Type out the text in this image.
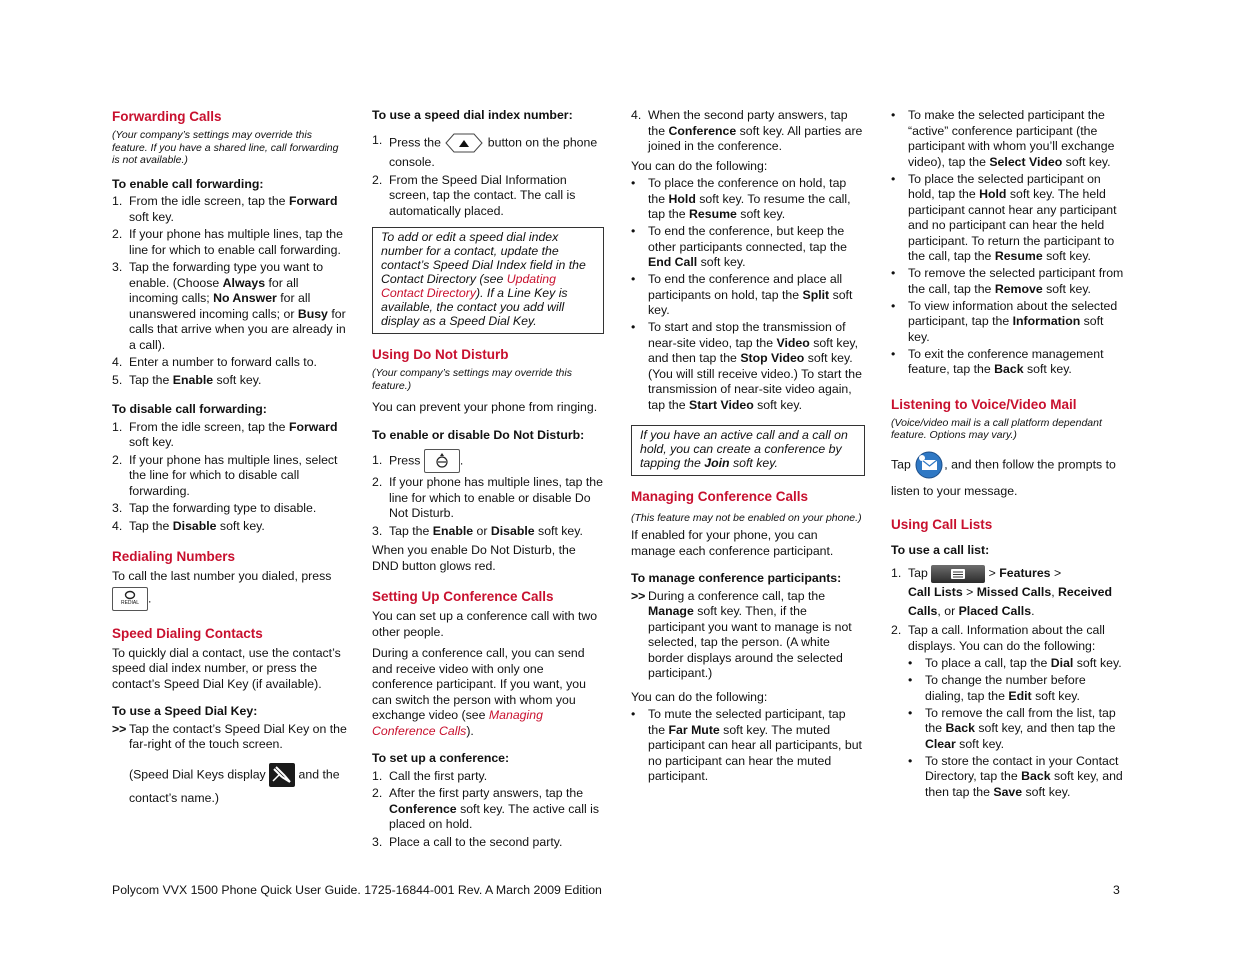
Forwarding Calls
(Your company’s settings may override this feature. If you have a shared line, call forwarding is not available.)
To enable call forwarding:
1. From the idle screen, tap the Forward soft key.
2. If your phone has multiple lines, tap the line for which to enable call forwarding.
3. Tap the forwarding type you want to enable. (Choose Always for all incoming calls; No Answer for all unanswered incoming calls; or Busy for calls that arrive when you are already in a call).
4. Enter a number to forward calls to.
5. Tap the Enable soft key.
To disable call forwarding:
1. From the idle screen, tap the Forward soft key.
2. If your phone has multiple lines, select the line for which to disable call forwarding.
3. Tap the forwarding type to disable.
4. Tap the Disable soft key.
Redialing Numbers

To call the last number you dialed, press

REDIAL .

Speed Dialing Contacts

To quickly dial a contact, use the contact’s speed dial index number, or press the contact’s Speed Dial Key (if available).

To use a Speed Dial Key:
>> Tap the contact’s Speed Dial Key on the far-right of the touch screen.

(Speed Dial Keys display	and the contact’s name.)

To use a speed dial index number:
1. Press the	button on the phone console.
2. From the Speed Dial Information screen, tap the contact. The call is automatically placed.
To add or edit a speed dial index number for a contact, update the contact’s Speed Dial Index field in the Contact Directory (see Updating Contact Directory). If a Line Key is available, the contact you add will display as a Speed Dial Key.
Using Do Not Disturb
(Your company’s settings may override this feature.)

You can prevent your phone from ringing.

To enable or disable Do Not Disturb:
1. Press	.
2. If your phone has multiple lines, tap the line for which to enable or disable Do Not Disturb.
3. Tap the Enable or Disable soft key.

When you enable Do Not Disturb, the DND button glows red.

Setting Up Conference Calls

You can set up a conference call with two other people.

During a conference call, you can send and receive video with only one conference participant. If you want, you can switch the person with whom you exchange video (see Managing Conference Calls).

To set up a conference:
1. Call the first party.
2. After the first party answers, tap the Conference soft key. The active call is placed on hold.
3. Place a call to the second party.
4. When the second party answers, tap the Conference soft key. All parties are joined in the conference.

You can do the following:

• To place the conference on hold, tap the Hold soft key. To resume the call, tap the Resume soft key.
• To end the conference, but keep the other participants connected, tap the End Call soft key.
• To end the conference and place all participants on hold, tap the Split soft key.
• To start and stop the transmission of near-site video, tap the Video soft key, and then tap the Stop Video soft key. (You will still receive video.) To start the transmission of near-site video again, tap the Start Video soft key.
If you have an active call and a call on hold, you can create a conference by tapping the Join soft key.
Managing Conference Calls
(This feature may not be enabled on your phone.)

If enabled for your phone, you can manage each conference participant.

To manage conference participants:
>> During a conference call, tap the Manage soft key. Then, if the participant you want to manage is not selected, tap the person. (A white border displays around the selected participant.)

You can do the following:

• To mute the selected participant, tap the Far Mute soft key. The muted participant can hear all participants, but no participant can hear the muted participant.
• To make the selected participant the “active” conference participant (the participant with whom you’ll exchange video), tap the Select Video soft key.
• To place the selected participant on hold, tap the Hold soft key. The held participant cannot hear any participant and no participant can hear the held participant. To return the participant to the call, tap the Resume soft key.
• To remove the selected participant from the call, tap the Remove soft key.
• To view information about the selected participant, tap the Information soft key.
• To exit the conference management feature, tap the Back soft key.
Listening to Voice/Video Mail
(Voice/video mail is a call platform dependant feature. Options may vary.)

Tap	, and then follow the prompts to listen to your message.

Using Call Lists
To use a call list:
1. Tap	> Features >
Call Lists > Missed Calls, Received Calls, or Placed Calls.
2. Tap a call. Information about the call displays. You can do the following:
• To place a call, tap the Dial soft key.
• To change the number before dialing, tap the Edit soft key.
• To remove the call from the list, tap the Back soft key, and then tap the Clear soft key.
• To store the contact in your Contact Directory, tap the Back soft key, and then tap the Save soft key.
Polycom VVX 1500 Phone Quick User Guide. 1725-16844-001 Rev. A March 2009 Edition	3
